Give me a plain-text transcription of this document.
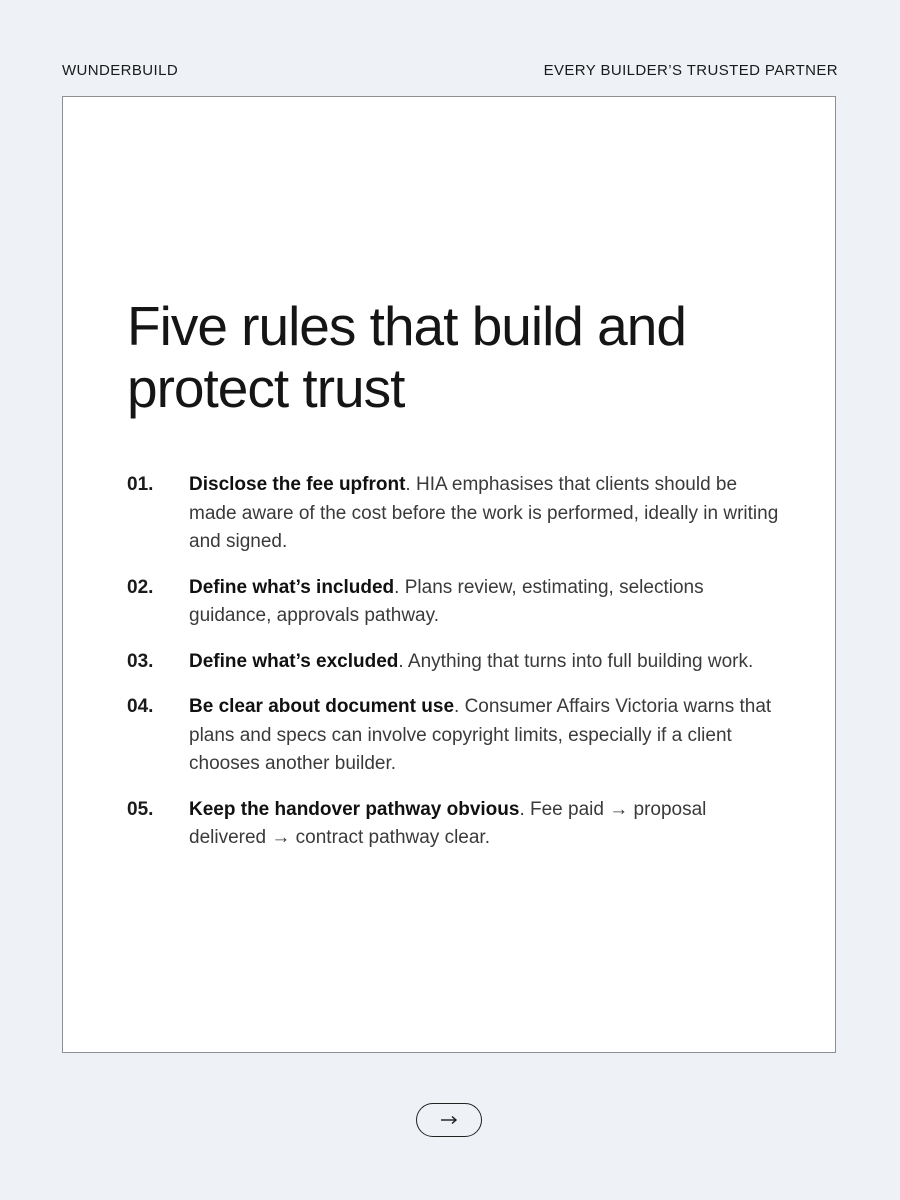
WUNDERBUILD	EVERY BUILDER’S TRUSTED PARTNER
Five rules that build and protect trust
01.	Disclose the fee upfront. HIA emphasises that clients should be made aware of the cost before the work is performed, ideally in writing and signed.
02.	Define what’s included. Plans review, estimating, selections guidance, approvals pathway.
03.	Define what’s excluded. Anything that turns into full building work.
04.	Be clear about document use. Consumer Affairs Victoria warns that plans and specs can involve copyright limits, especially if a client chooses another builder.
05.	Keep the handover pathway obvious. Fee paid → proposal delivered → contract pathway clear.
